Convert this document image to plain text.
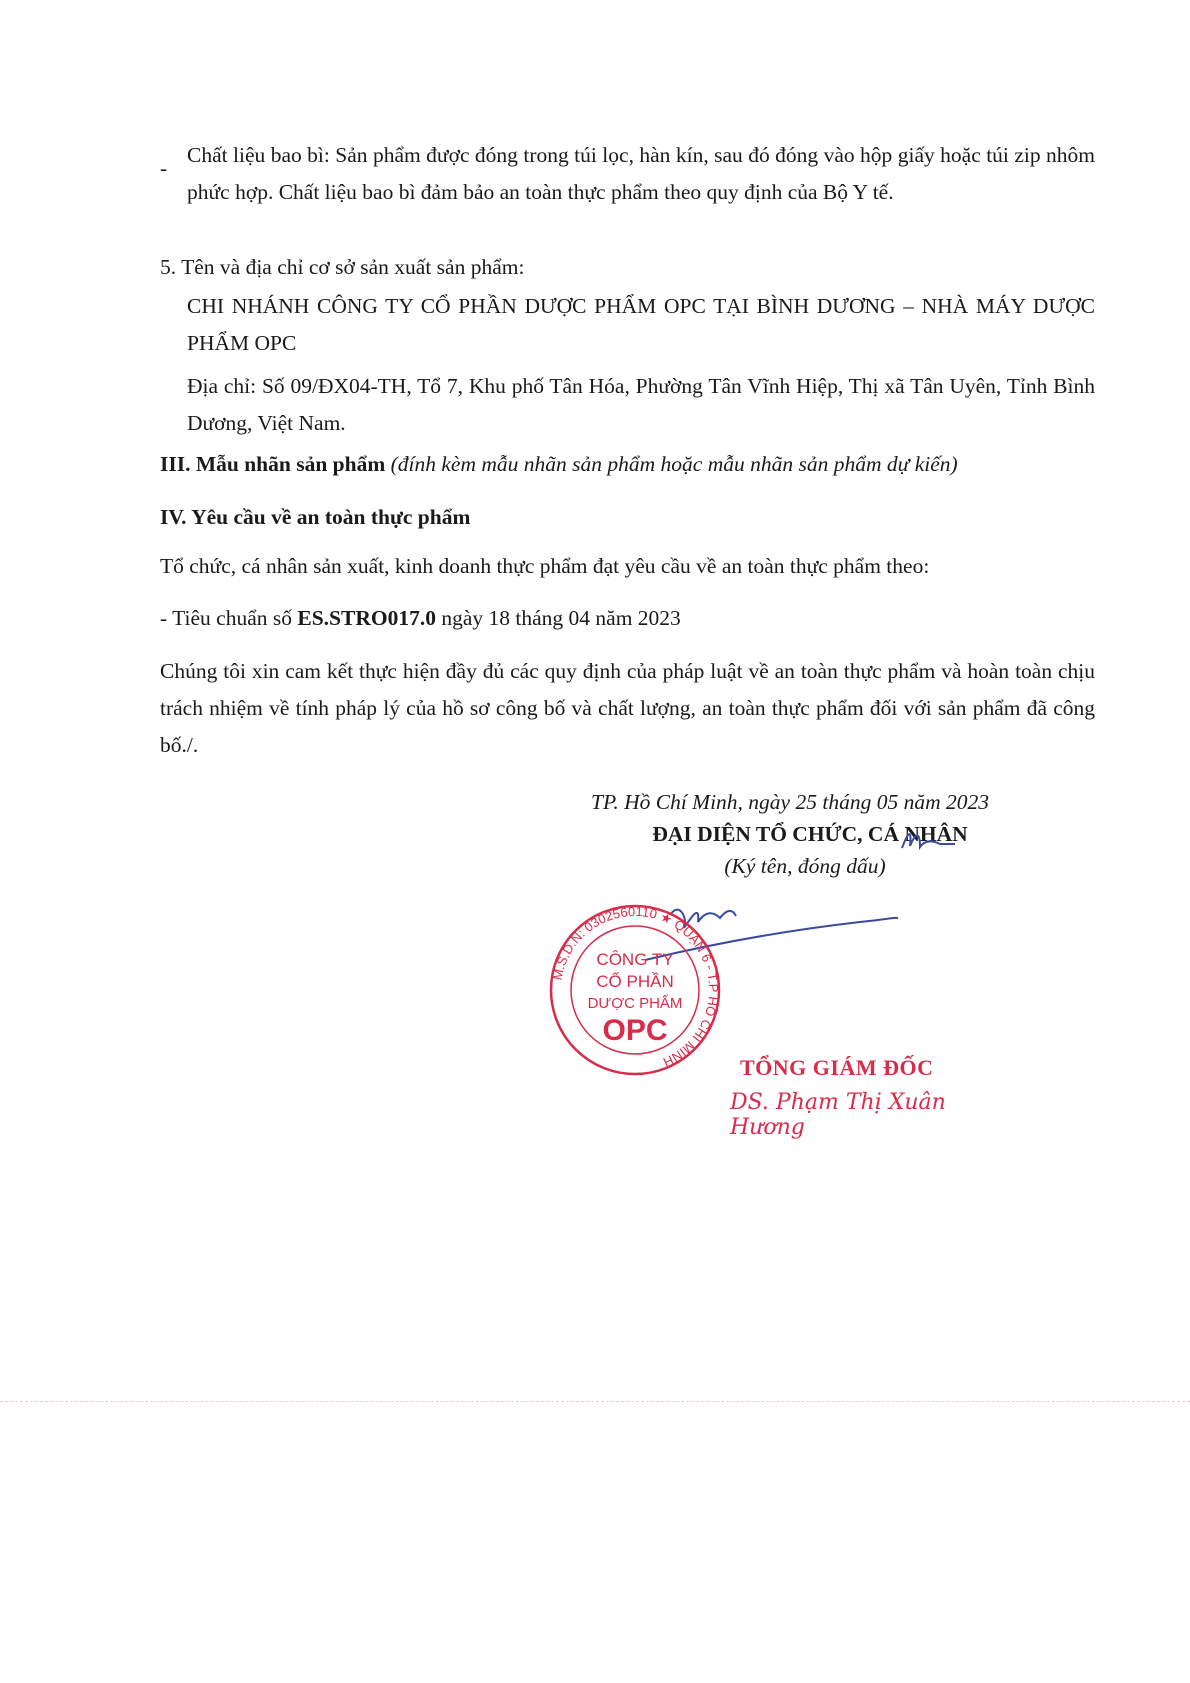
-
Chất liệu bao bì: Sản phẩm được đóng trong túi lọc, hàn kín, sau đó đóng vào hộp giấy hoặc túi zip nhôm phức hợp. Chất liệu bao bì đảm bảo an toàn thực phẩm theo quy định của Bộ Y tế.
5. Tên và địa chỉ cơ sở sản xuất sản phẩm:
CHI NHÁNH CÔNG TY CỔ PHẦN DƯỢC PHẨM OPC TẠI BÌNH DƯƠNG – NHÀ MÁY DƯỢC PHẨM OPC
Địa chỉ: Số 09/ĐX04-TH, Tổ 7, Khu phố Tân Hóa, Phường Tân Vĩnh Hiệp, Thị xã Tân Uyên, Tỉnh Bình Dương, Việt Nam.
III. Mẫu nhãn sản phẩm (đính kèm mẫu nhãn sản phẩm hoặc mẫu nhãn sản phẩm dự kiến)
IV. Yêu cầu về an toàn thực phẩm
Tổ chức, cá nhân sản xuất, kinh doanh thực phẩm đạt yêu cầu về an toàn thực phẩm theo:
- Tiêu chuẩn số ES.STRO017.0 ngày 18 tháng 04 năm 2023
Chúng tôi xin cam kết thực hiện đầy đủ các quy định của pháp luật về an toàn thực phẩm và hoàn toàn chịu trách nhiệm về tính pháp lý của hồ sơ công bố và chất lượng, an toàn thực phẩm đối với sản phẩm đã công bố./.
TP. Hồ Chí Minh, ngày 25 tháng 05 năm 2023
ĐẠI DIỆN TỔ CHỨC, CÁ NHÂN
(Ký tên, đóng dấu)
M.S.D.N: 0302560110 ★ QUẬN 6 - T.P HỒ CHÍ MINH
CÔNG TY
CỔ PHẦN
DƯỢC PHẨM
OPC
TỔNG GIÁM ĐỐC
DS. Phạm Thị Xuân Hương
